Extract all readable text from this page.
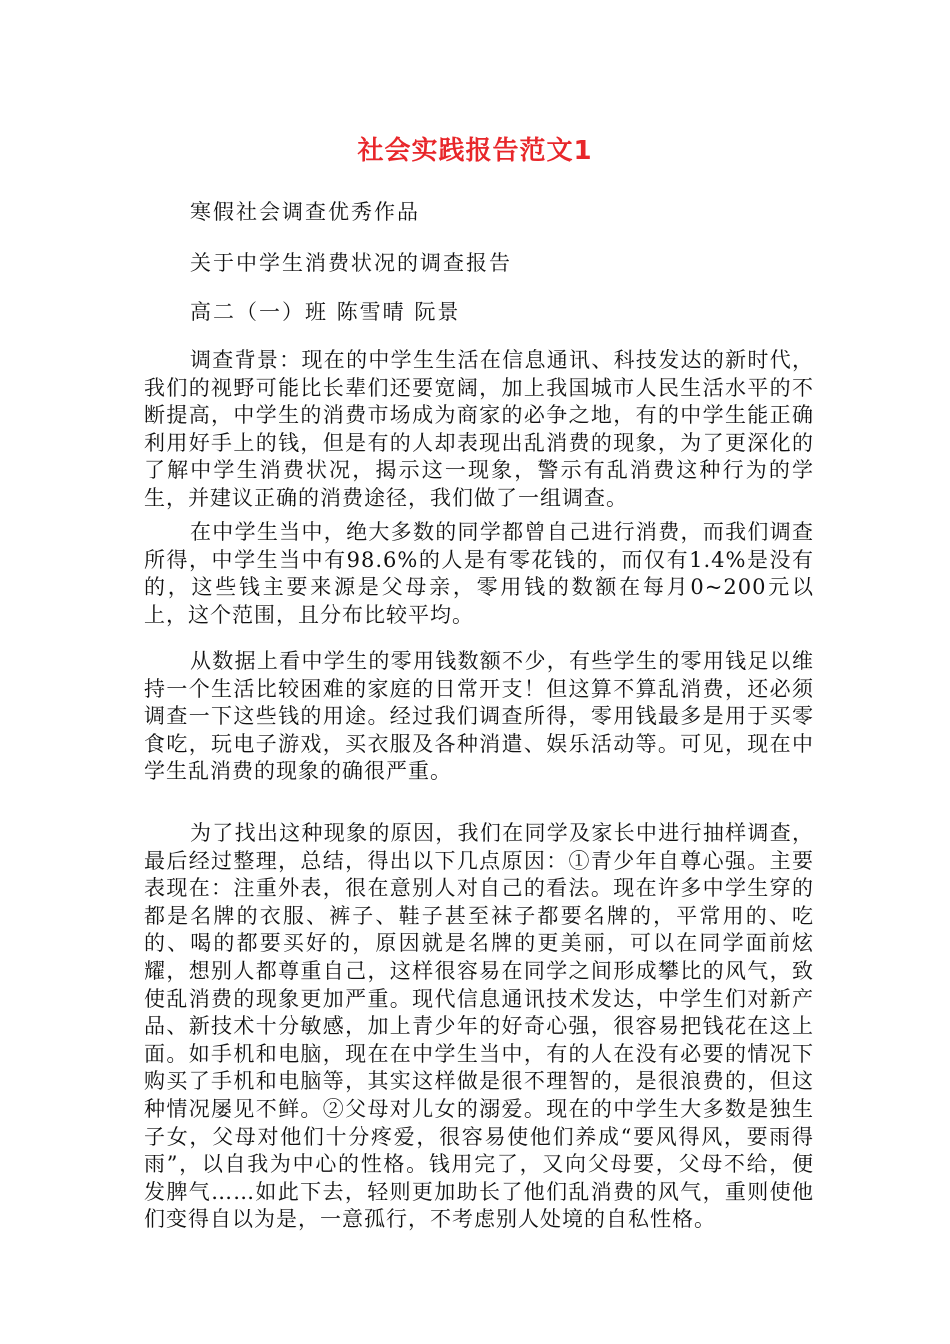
社会实践报告范文1
寒假社会调查优秀作品
关于中学生消费状况的调查报告
高二（一）班 陈雪晴 阮景

调查背景：现在的中学生生活在信息通讯、科技发达的新时代，我们的视野可能比长辈们还要宽阔，加上我国城市人民生活水平的不断提高，中学生的消费市场成为商家的必争之地，有的中学生能正确利用好手上的钱，但是有的人却表现出乱消费的现象，为了更深化的了解中学生消费状况，揭示这一现象，警示有乱消费这种行为的学生，并建议正确的消费途径，我们做了一组调查。

在中学生当中，绝大多数的同学都曾自己进行消费，而我们调查所得，中学生当中有98.6%的人是有零花钱的，而仅有1.4%是没有的，这些钱主要来源是父母亲，零用钱的数额在每月0~200元以上，这个范围，且分布比较平均。

从数据上看中学生的零用钱数额不少，有些学生的零用钱足以维持一个生活比较困难的家庭的日常开支！但这算不算乱消费，还必须调查一下这些钱的用途。经过我们调查所得，零用钱最多是用于买零食吃，玩电子游戏，买衣服及各种消遣、娱乐活动等。可见，现在中学生乱消费的现象的确很严重。

为了找出这种现象的原因，我们在同学及家长中进行抽样调查，最后经过整理，总结，得出以下几点原因：①青少年自尊心强。主要表现在：注重外表，很在意别人对自己的看法。现在许多中学生穿的都是名牌的衣服、裤子、鞋子甚至袜子都要名牌的，平常用的、吃的、喝的都要买好的，原因就是名牌的更美丽，可以在同学面前炫耀，想别人都尊重自己，这样很容易在同学之间形成攀比的风气，致使乱消费的现象更加严重。现代信息通讯技术发达，中学生们对新产品、新技术十分敏感，加上青少年的好奇心强，很容易把钱花在这上面。如手机和电脑，现在在中学生当中，有的人在没有必要的情况下购买了手机和电脑等，其实这样做是很不理智的，是很浪费的，但这种情况屡见不鲜。②父母对儿女的溺爱。现在的中学生大多数是独生子女，父母对他们十分疼爱，很容易使他们养成“要风得风，要雨得雨”，以自我为中心的性格。钱用完了，又向父母要，父母不给，便发脾气……如此下去，轻则更加助长了他们乱消费的风气，重则使他们变得自以为是，一意孤行，不考虑别人处境的自私性格。
